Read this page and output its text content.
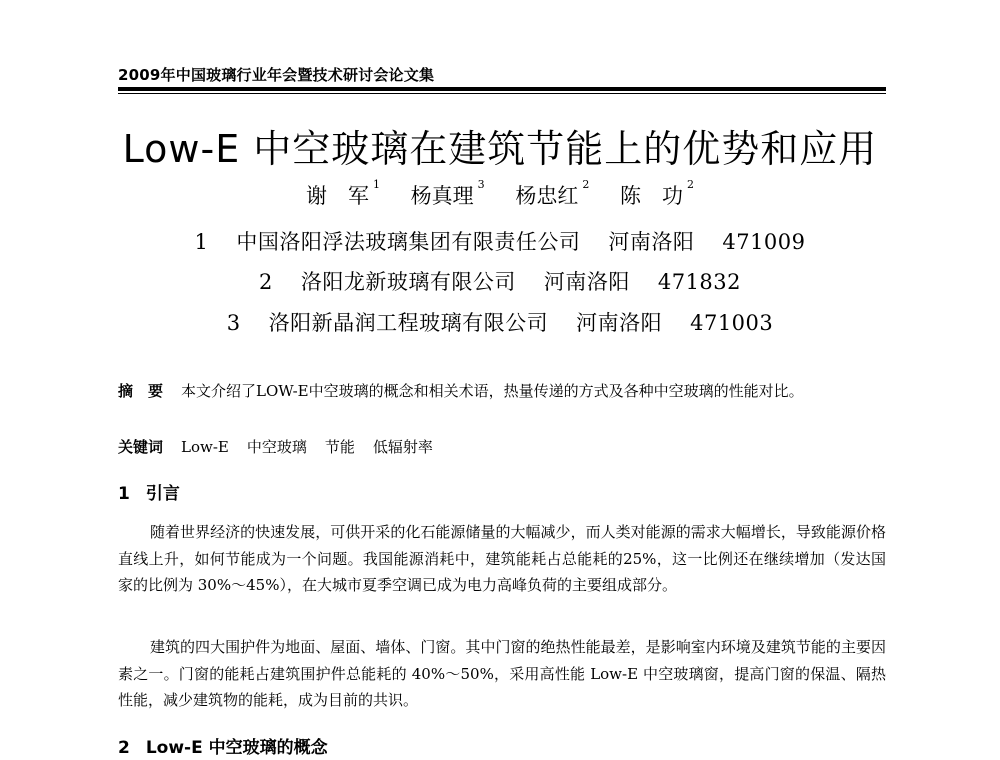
2009年中国玻璃行业年会暨技术研讨会论文集
Low-E 中空玻璃在建筑节能上的优势和应用
谢　军 $^1$ 杨真理 $^3$ 杨忠红 $^2$ 陈　功 $^2$
1 中国洛阳浮法玻璃集团有限责任公司 河南洛阳 471009
2 洛阳龙新玻璃有限公司 河南洛阳 471832
3 洛阳新晶润工程玻璃有限公司 河南洛阳 471003
摘　要 本文介绍了LOW-E中空玻璃的概念和相关术语，热量传递的方式及各种中空玻璃的性能对比。
关键词 Low-E 中空玻璃 节能 低辐射率
1 引言
随着世界经济的快速发展，可供开采的化石能源储量的大幅减少，而人类对能源的需求大幅增长，导致能源价格直线上升，如何节能成为一个问题。我国能源消耗中，建筑能耗占总能耗的25%，这一比例还在继续增加（发达国家的比例为 30%～45%），在大城市夏季空调已成为电力高峰负荷的主要组成部分。
建筑的四大围护件为地面、屋面、墙体、门窗。其中门窗的绝热性能最差，是影响室内环境及建筑节能的主要因素之一。门窗的能耗占建筑围护件总能耗的 40%～50%，采用高性能 Low-E 中空玻璃窗，提高门窗的保温、隔热性能，减少建筑物的能耗，成为目前的共识。
2 Low-E 中空玻璃的概念
